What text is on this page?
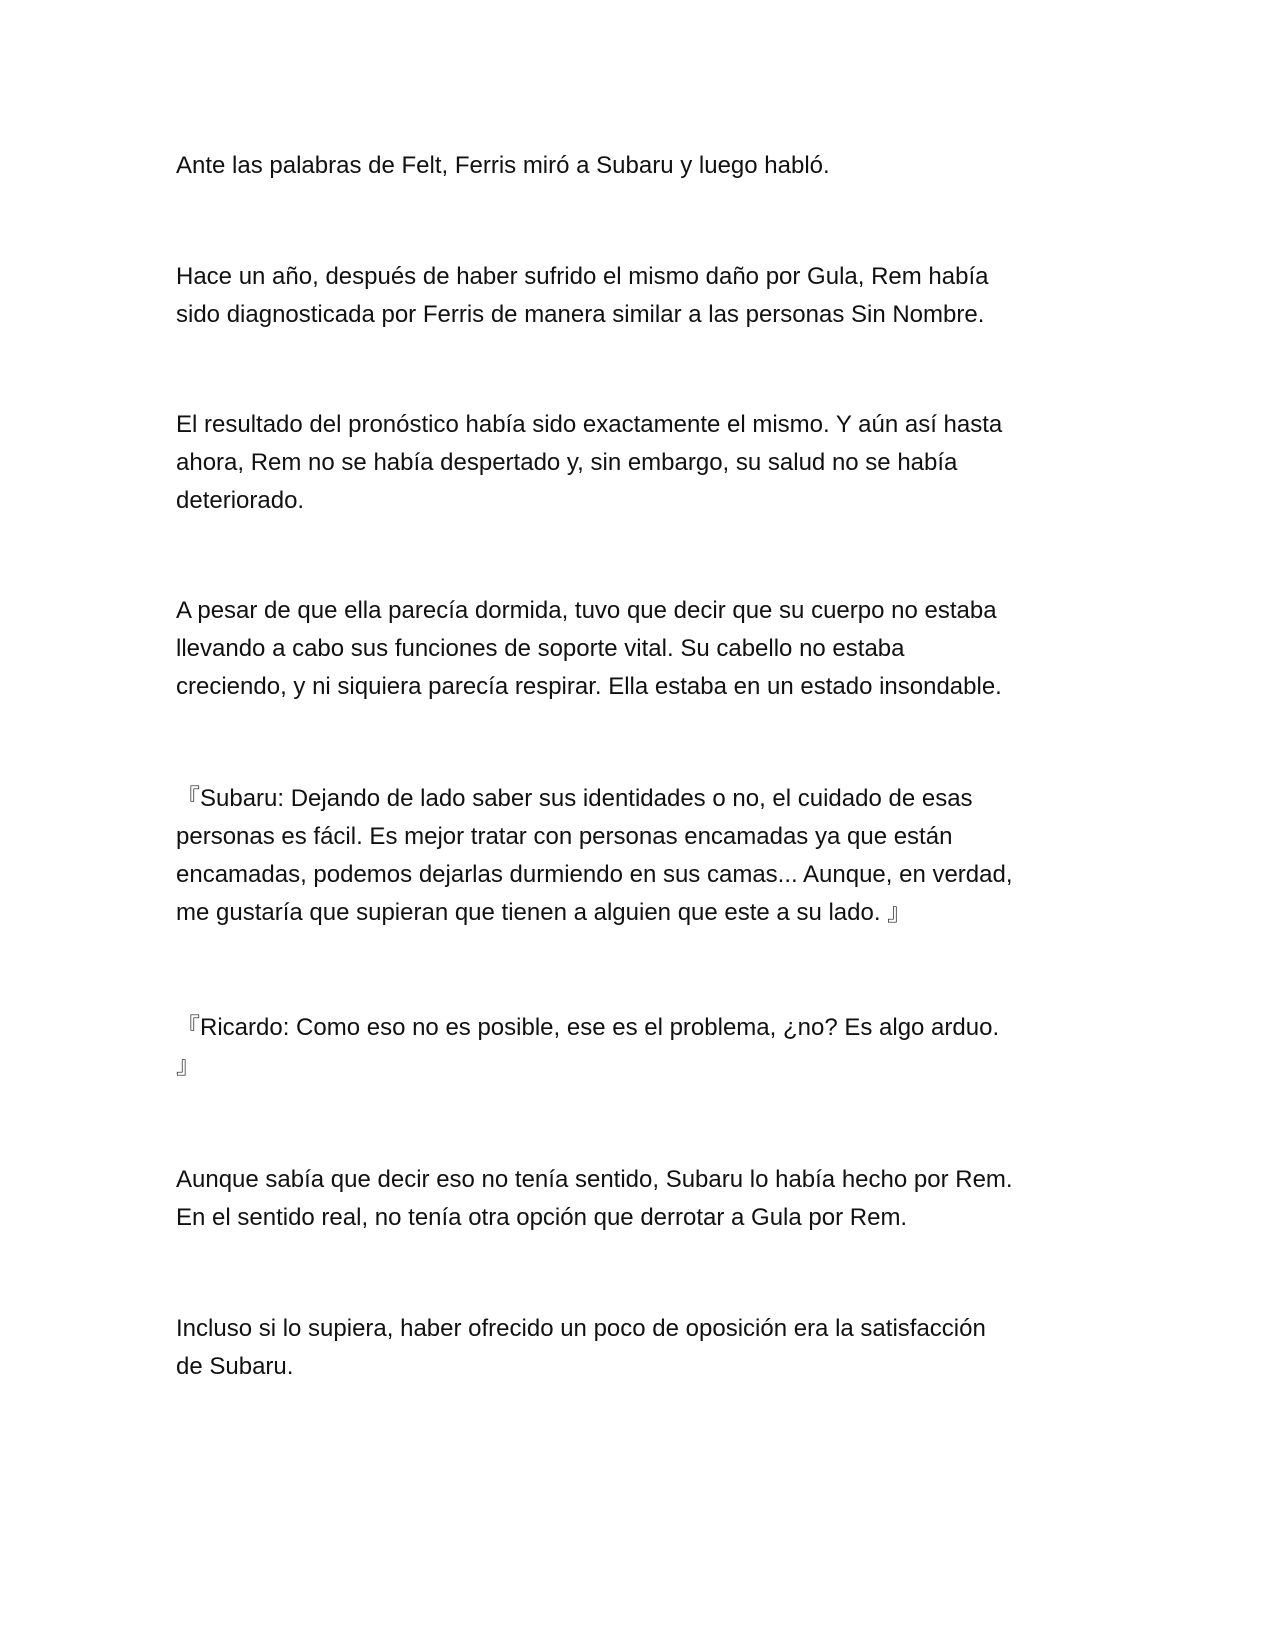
Ante las palabras de Felt, Ferris miró a Subaru y luego habló.

Hace un año, después de haber sufrido el mismo daño por Gula, Rem había
sido diagnosticada por Ferris de manera similar a las personas Sin Nombre.

El resultado del pronóstico había sido exactamente el mismo. Y aún así hasta
ahora, Rem no se había despertado y, sin embargo, su salud no se había
deteriorado.

A pesar de que ella parecía dormida, tuvo que decir que su cuerpo no estaba
llevando a cabo sus funciones de soporte vital. Su cabello no estaba
creciendo, y ni siquiera parecía respirar. Ella estaba en un estado insondable.

『Subaru: Dejando de lado saber sus identidades o no, el cuidado de esas
personas es fácil. Es mejor tratar con personas encamadas ya que están
encamadas, podemos dejarlas durmiendo en sus camas... Aunque, en verdad,
me gustaría que supieran que tienen a alguien que este a su lado. 』

『Ricardo: Como eso no es posible, ese es el problema, ¿no? Es algo arduo.
』

Aunque sabía que decir eso no tenía sentido, Subaru lo había hecho por Rem.
En el sentido real, no tenía otra opción que derrotar a Gula por Rem.

Incluso si lo supiera, haber ofrecido un poco de oposición era la satisfacción
de Subaru.
